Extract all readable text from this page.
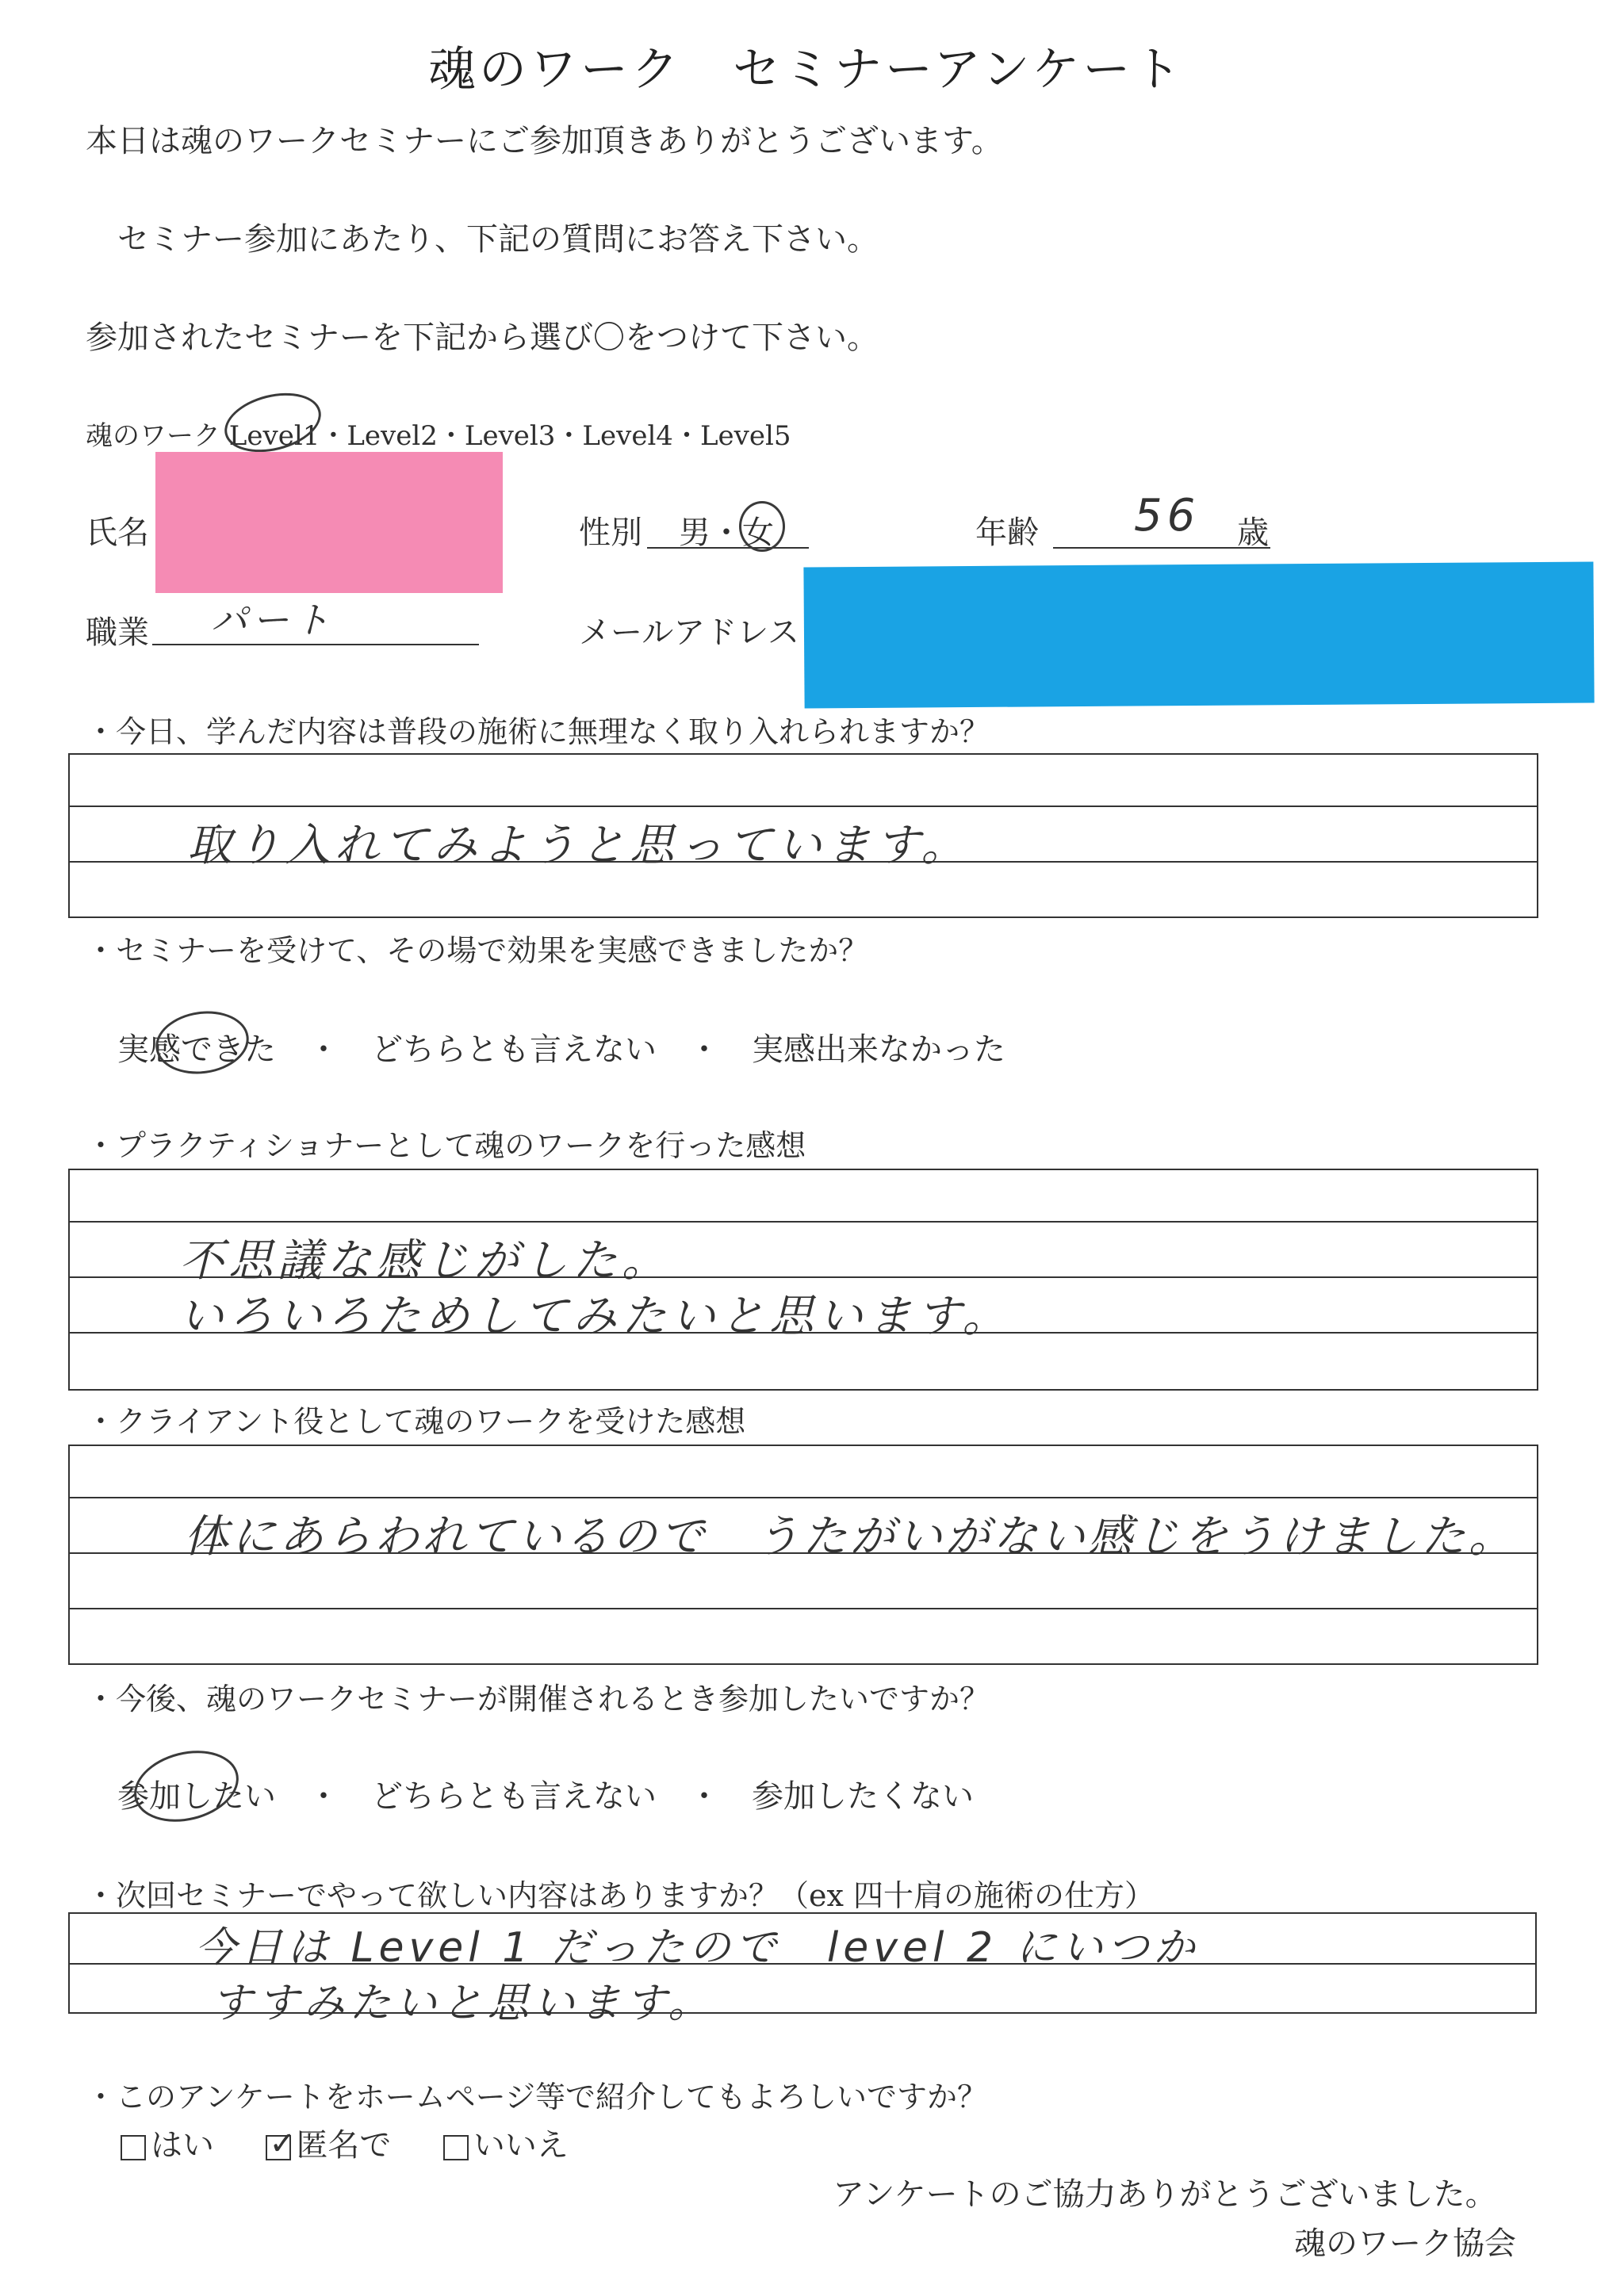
魂のワーク　セミナーアンケート
本日は魂のワークセミナーにご参加頂きありがとうございます。
セミナー参加にあたり、下記の質問にお答え下さい。
参加されたセミナーを下記から選び〇をつけて下さい。
魂のワーク Level1・Level2・Level3・Level4・Level5
氏名	性別 男・女	年齢 56 歳
職業 パート	メールアドレス
・今日、学んだ内容は普段の施術に無理なく取り入れられますか？
取り入れてみようと思っています。
・セミナーを受けて、その場で効果を実感できましたか？
実感できた　・　どちらとも言えない　・　実感出来なかった
・プラクティショナーとして魂のワークを行った感想
不思議な感じがした。
いろいろためしてみたいと思います。
・クライアント役として魂のワークを受けた感想
体にあらわれているので　うたがいがない感じをうけました。
・今後、魂のワークセミナーが開催されるとき参加したいですか？
参加したい　・　どちらとも言えない　・　参加したくない
・次回セミナーでやって欲しい内容はありますか？（ex 四十肩の施術の仕方）
今日は Level 1 だったので　level 2 にいつか
すすみたいと思います。
・このアンケートをホームページ等で紹介してもよろしいですか？
はい ✓ 匿名で	いいえ
アンケートのご協力ありがとうございました。
魂のワーク協会
